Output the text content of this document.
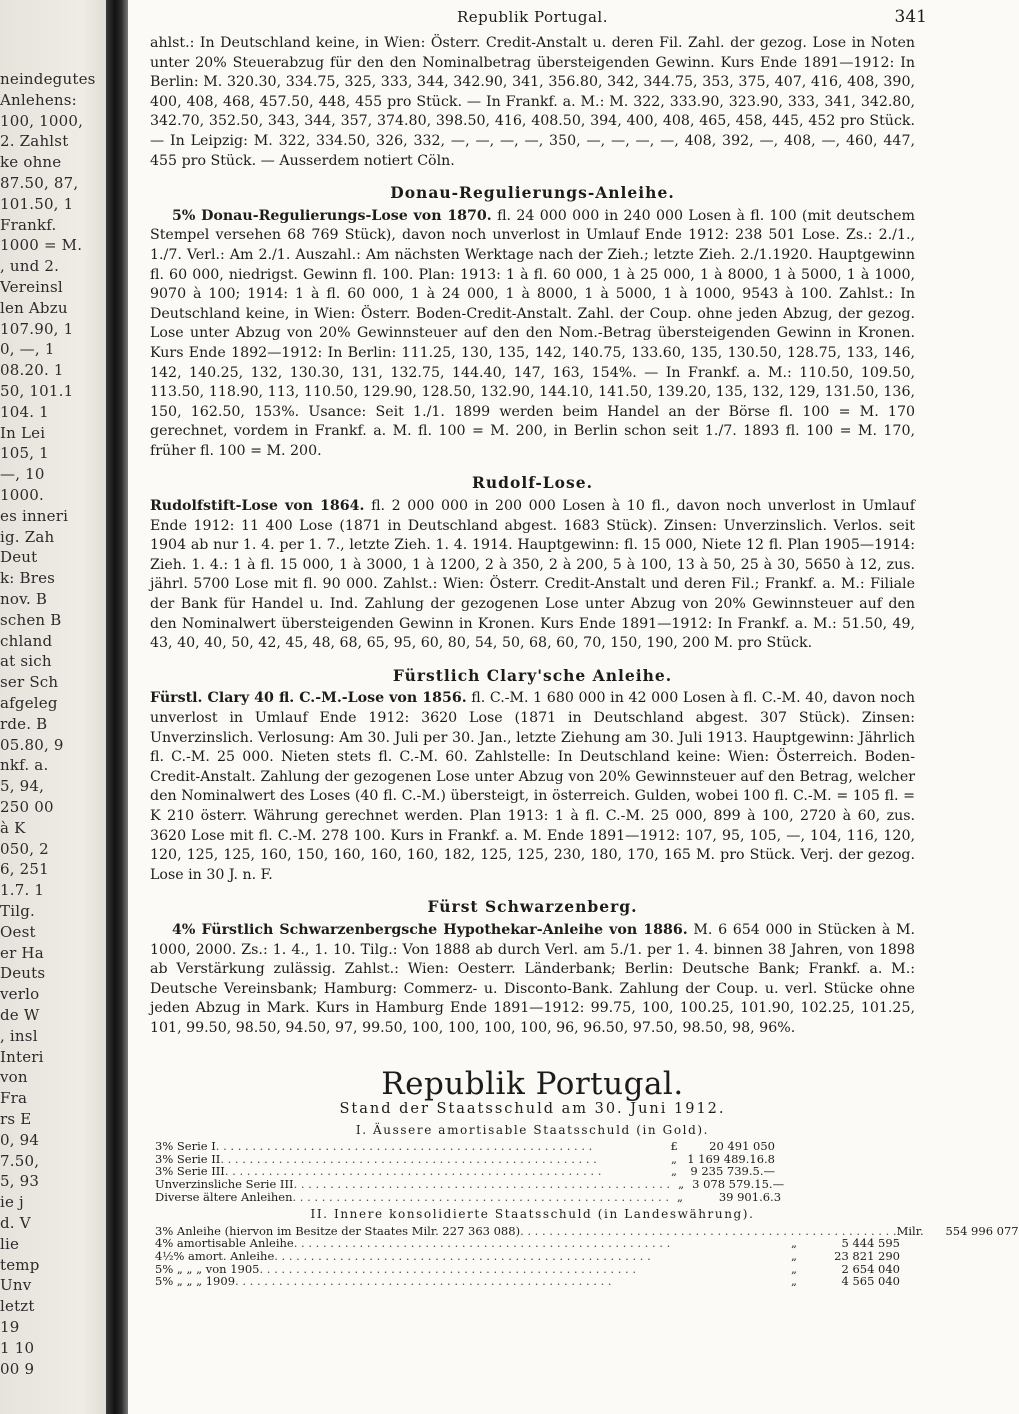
neindegutes
Anlehens:
100, 1000,
2. Zahlst
ke ohne
87.50, 87,
101.50, 1
Frankf.
1000 = M.
, und 2.
Vereinsl
len Abzu
107.90, 1
0, —, 1
08.20. 1
50, 101.1
104. 1
In Lei
105, 1
—, 10
1000.
es inneri
ig. Zah
Deut
k: Bres
nov. B
schen B
chland
at sich
ser Sch
afgeleg
rde. B
05.80, 9
nkf. a.
5, 94,
250 00
à K
050, 2
6, 251
1.7. 1
Tilg.
Oest
er Ha
Deuts
verlo
de W
, insl
Interi
von
Fra
rs E
0, 94
7.50,
5, 93
ie j
d. V
lie
temp
Unv
letzt
19
1 10
00 9
Republik Portugal.	341

ahlst.: In Deutschland keine, in Wien: Österr. Credit-Anstalt u. deren Fil. Zahl. der gezog. Lose in Noten unter 20% Steuerabzug für den den Nominalbetrag übersteigenden Gewinn. Kurs Ende 1891—1912: In Berlin: M. 320.30, 334.75, 325, 333, 344, 342.90, 341, 356.80, 342, 344.75, 353, 375, 407, 416, 408, 390, 400, 408, 468, 457.50, 448, 455 pro Stück. — In Frankf. a. M.: M. 322, 333.90, 323.90, 333, 341, 342.80, 342.70, 352.50, 343, 344, 357, 374.80, 398.50, 416, 408.50, 394, 400, 408, 465, 458, 445, 452 pro Stück. — In Leipzig: M. 322, 334.50, 326, 332, —, —, —, —, 350, —, —, —, —, 408, 392, —, 408, —, 460, 447, 455 pro Stück. — Ausserdem notiert Cöln.

Donau-Regulierungs-Anleihe.

5% Donau-Regulierungs-Lose von 1870. fl. 24 000 000 in 240 000 Losen à fl. 100 (mit deutschem Stempel versehen 68 769 Stück), davon noch unverlost in Umlauf Ende 1912: 238 501 Lose. Zs.: 2./1., 1./7. Verl.: Am 2./1. Auszahl.: Am nächsten Werktage nach der Zieh.; letzte Zieh. 2./1.1920. Hauptgewinn fl. 60 000, niedrigst. Gewinn fl. 100. Plan: 1913: 1 à fl. 60 000, 1 à 25 000, 1 à 8000, 1 à 5000, 1 à 1000, 9070 à 100; 1914: 1 à fl. 60 000, 1 à 24 000, 1 à 8000, 1 à 5000, 1 à 1000, 9543 à 100. Zahlst.: In Deutschland keine, in Wien: Österr. Boden-Credit-Anstalt. Zahl. der Coup. ohne jeden Abzug, der gezog. Lose unter Abzug von 20% Gewinnsteuer auf den den Nom.-Betrag übersteigenden Gewinn in Kronen. Kurs Ende 1892—1912: In Berlin: 111.25, 130, 135, 142, 140.75, 133.60, 135, 130.50, 128.75, 133, 146, 142, 140.25, 132, 130.30, 131, 132.75, 144.40, 147, 163, 154%. — In Frankf. a. M.: 110.50, 109.50, 113.50, 118.90, 113, 110.50, 129.90, 128.50, 132.90, 144.10, 141.50, 139.20, 135, 132, 129, 131.50, 136, 150, 162.50, 153%. Usance: Seit 1./1. 1899 werden beim Handel an der Börse fl. 100 = M. 170 gerechnet, vordem in Frankf. a. M. fl. 100 = M. 200, in Berlin schon seit 1./7. 1893 fl. 100 = M. 170, früher fl. 100 = M. 200.

Rudolf-Lose.

Rudolfstift-Lose von 1864. fl. 2 000 000 in 200 000 Losen à 10 fl., davon noch unverlost in Umlauf Ende 1912: 11 400 Lose (1871 in Deutschland abgest. 1683 Stück). Zinsen: Unverzinslich. Verlos. seit 1904 ab nur 1. 4. per 1. 7., letzte Zieh. 1. 4. 1914. Hauptgewinn: fl. 15 000, Niete 12 fl. Plan 1905—1914: Zieh. 1. 4.: 1 à fl. 15 000, 1 à 3000, 1 à 1200, 2 à 350, 2 à 200, 5 à 100, 13 à 50, 25 à 30, 5650 à 12, zus. jährl. 5700 Lose mit fl. 90 000. Zahlst.: Wien: Österr. Credit-Anstalt und deren Fil.; Frankf. a. M.: Filiale der Bank für Handel u. Ind. Zahlung der gezogenen Lose unter Abzug von 20% Gewinnsteuer auf den den Nominalwert übersteigenden Gewinn in Kronen. Kurs Ende 1891—1912: In Frankf. a. M.: 51.50, 49, 43, 40, 40, 50, 42, 45, 48, 68, 65, 95, 60, 80, 54, 50, 68, 60, 70, 150, 190, 200 M. pro Stück.

Fürstlich Clary'sche Anleihe.

Fürstl. Clary 40 fl. C.-M.-Lose von 1856. fl. C.-M. 1 680 000 in 42 000 Losen à fl. C.-M. 40, davon noch unverlost in Umlauf Ende 1912: 3620 Lose (1871 in Deutschland abgest. 307 Stück). Zinsen: Unverzinslich. Verlosung: Am 30. Juli per 30. Jan., letzte Ziehung am 30. Juli 1913. Hauptgewinn: Jährlich fl. C.-M. 25 000. Nieten stets fl. C.-M. 60. Zahlstelle: In Deutschland keine: Wien: Österreich. Boden-Credit-Anstalt. Zahlung der gezogenen Lose unter Abzug von 20% Gewinnsteuer auf den Betrag, welcher den Nominalwert des Loses (40 fl. C.-M.) übersteigt, in österreich. Gulden, wobei 100 fl. C.-M. = 105 fl. = K 210 österr. Währung gerechnet werden. Plan 1913: 1 à fl. C.-M. 25 000, 899 à 100, 2720 à 60, zus. 3620 Lose mit fl. C.-M. 278 100. Kurs in Frankf. a. M. Ende 1891—1912: 107, 95, 105, —, 104, 116, 120, 120, 125, 125, 160, 150, 160, 160, 160, 182, 125, 125, 230, 180, 170, 165 M. pro Stück. Verj. der gezog. Lose in 30 J. n. F.

Fürst Schwarzenberg.

4% Fürstlich Schwarzenbergsche Hypothekar-Anleihe von 1886. M. 6 654 000 in Stücken à M. 1000, 2000. Zs.: 1. 4., 1. 10. Tilg.: Von 1888 ab durch Verl. am 5./1. per 1. 4. binnen 38 Jahren, von 1898 ab Verstärkung zulässig. Zahlst.: Wien: Oesterr. Länderbank; Berlin: Deutsche Bank; Frankf. a. M.: Deutsche Vereinsbank; Hamburg: Commerz- u. Disconto-Bank. Zahlung der Coup. u. verl. Stücke ohne jeden Abzug in Mark. Kurs in Hamburg Ende 1891—1912: 99.75, 100, 100.25, 101.90, 102.25, 101.25, 101, 99.50, 98.50, 94.50, 97, 99.50, 100, 100, 100, 100, 96, 96.50, 97.50, 98.50, 98, 96%.

Republik Portugal.
Stand der Staatsschuld am 30. Juni 1912.
I. Äussere amortisable Staatsschuld (in Gold).
3% Serie I . . . . . . . . . . . . . . . . . . . . . . . . . . . . . . . . . . . . . . . . . . . . . . . . . . . .	£	20 491 050
3% Serie II . . . . . . . . . . . . . . . . . . . . . . . . . . . . . . . . . . . . . . . . . . . . . . . . . . . .	„ 1 169 489.16.8
3% Serie III . . . . . . . . . . . . . . . . . . . . . . . . . . . . . . . . . . . . . . . . . . . . . . . . . . . .	„	9 235 739.5.—
Unverzinsliche Serie III . . . . . . . . . . . . . . . . . . . . . . . . . . . . . . . . . . . . . . . . . . . . . . . . . . . . „ 3 078 579.15.—
Diverse ältere Anleihen . . . . . . . . . . . . . . . . . . . . . . . . . . . . . . . . . . . . . . . . . . . . . . . . . . . . „	39 901.6.3
II. Innere konsolidierte Staatsschuld (in Landeswährung).
3% Anleihe (hiervon im Besitze der Staates Milr. 227 363 088) . . . . . . . . . . . . . . . . . . . . . . . . . . . . . . . . . . . . . . . . . . . . . . . . . . . . Milr.	554 996 077
4% amortisable Anleihe . . . . . . . . . . . . . . . . . . . . . . . . . . . . . . . . . . . . . . . . . . . . . . . . . . . .	„	5 444 595
4½% amort. Anleihe . . . . . . . . . . . . . . . . . . . . . . . . . . . . . . . . . . . . . . . . . . . . . . . . . . . .	„	23 821 290
5% „ „ „ von 1905 . . . . . . . . . . . . . . . . . . . . . . . . . . . . . . . . . . . . . . . . . . . . . . . . . . . .	„	2 654 040
5% „ „ „ 1909 . . . . . . . . . . . . . . . . . . . . . . . . . . . . . . . . . . . . . . . . . . . . . . . . . . . .	„	4 565 040
